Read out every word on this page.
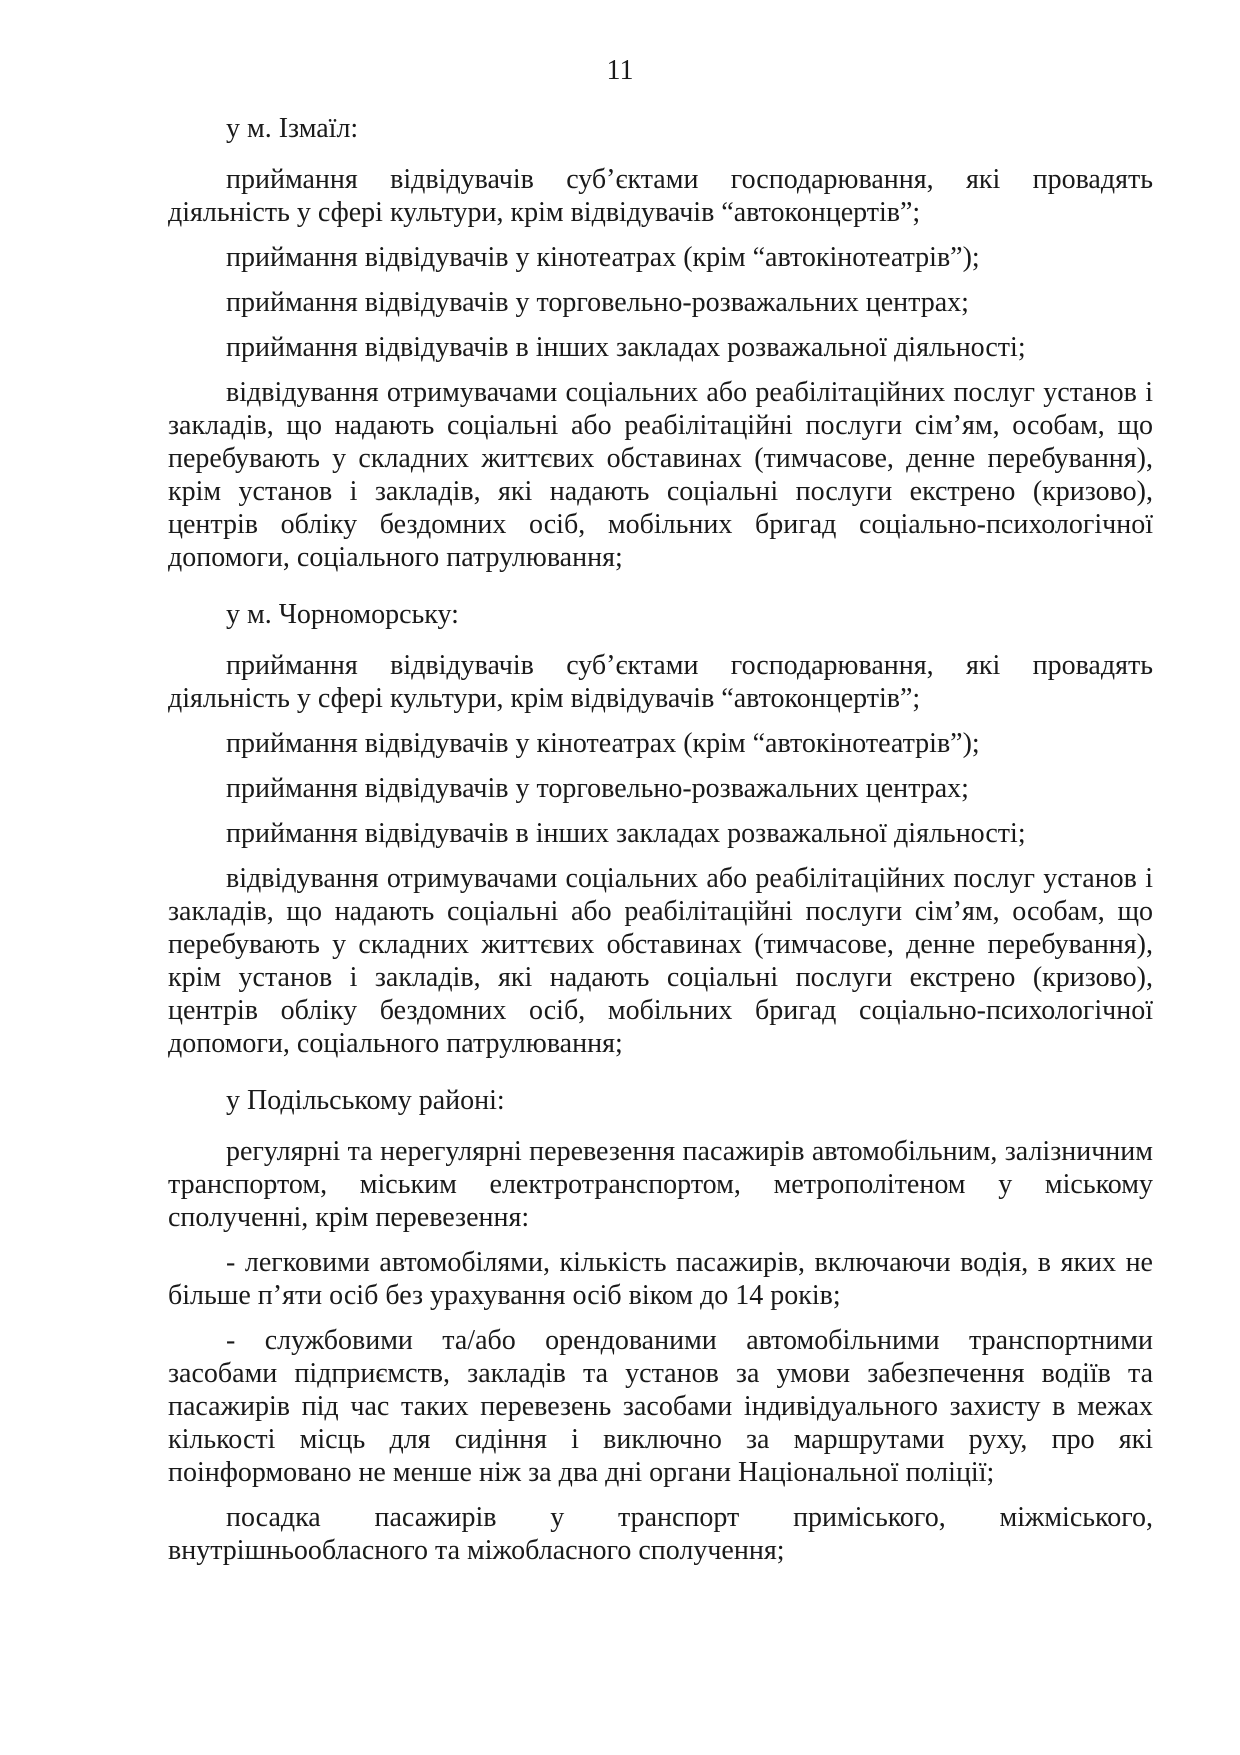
11
у м. Ізмаїл:

приймання відвідувачів суб’єктами господарювання, які провадять діяльність у сфері культури, крім відвідувачів “автоконцертів”;

приймання відвідувачів у кінотеатрах (крім “автокінотеатрів”);

приймання відвідувачів у торговельно-розважальних центрах;

приймання відвідувачів в інших закладах розважальної діяльності;

відвідування отримувачами соціальних або реабілітаційних послуг установ і закладів, що надають соціальні або реабілітаційні послуги сім’ям, особам, що перебувають у складних життєвих обставинах (тимчасове, денне перебування), крім установ і закладів, які надають соціальні послуги екстрено (кризово), центрів обліку бездомних осіб, мобільних бригад соціально-психологічної допомоги, соціального патрулювання;

у м. Чорноморську:

приймання відвідувачів суб’єктами господарювання, які провадять діяльність у сфері культури, крім відвідувачів “автоконцертів”;

приймання відвідувачів у кінотеатрах (крім “автокінотеатрів”);

приймання відвідувачів у торговельно-розважальних центрах;

приймання відвідувачів в інших закладах розважальної діяльності;

відвідування отримувачами соціальних або реабілітаційних послуг установ і закладів, що надають соціальні або реабілітаційні послуги сім’ям, особам, що перебувають у складних життєвих обставинах (тимчасове, денне перебування), крім установ і закладів, які надають соціальні послуги екстрено (кризово), центрів обліку бездомних осіб, мобільних бригад соціально-психологічної допомоги, соціального патрулювання;

у Подільському районі:

регулярні та нерегулярні перевезення пасажирів автомобільним, залізничним транспортом, міським електротранспортом, метрополітеном у міському сполученні, крім перевезення:

- легковими автомобілями, кількість пасажирів, включаючи водія, в яких не більше п’яти осіб без урахування осіб віком до 14 років;

- службовими та/або орендованими автомобільними транспортними засобами підприємств, закладів та установ за умови забезпечення водіїв та пасажирів під час таких перевезень засобами індивідуального захисту в межах кількості місць для сидіння і виключно за маршрутами руху, про які поінформовано не менше ніж за два дні органи Національної поліції;

посадка пасажирів у транспорт приміського, міжміського, внутрішньообласного та міжобласного сполучення;
